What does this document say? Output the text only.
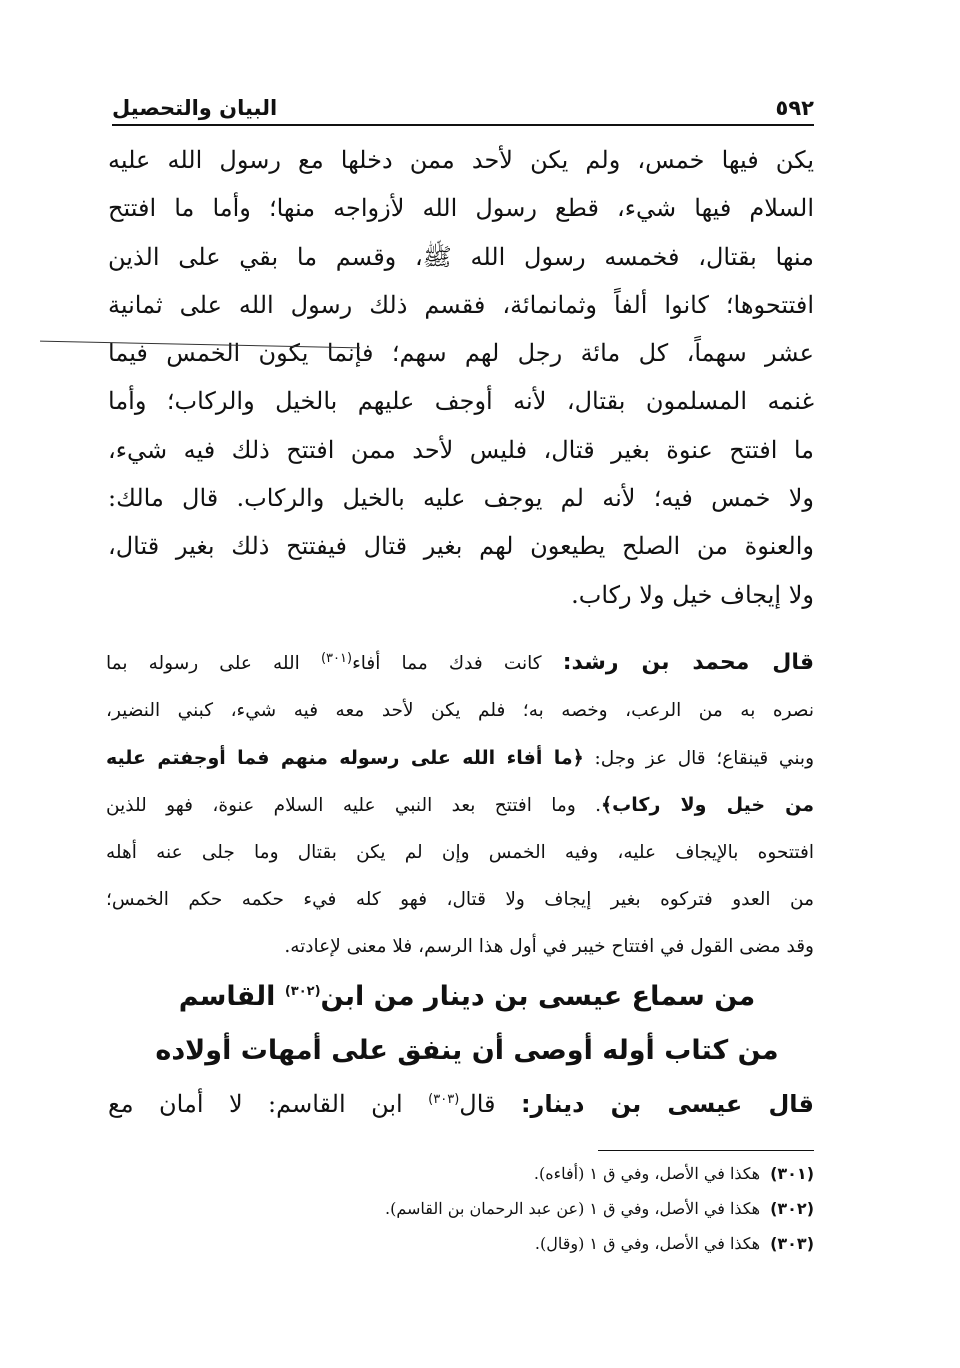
٥٩٢
البيان والتحصيل
يكن فيها خمس، ولم يكن لأحد ممن دخلها مع رسول الله عليه
السلام فيها شيء، قطع رسول الله لأزواجه منها؛ وأما ما افتتح
منها بقتال، فخمسه رسول الله ﷺ، وقسم ما بقي على الذين
افتتحوها؛ كانوا ألفاً وثمانمائة، فقسم ذلك رسول الله على ثمانية
عشر سهماً، كل مائة رجل لهم سهم؛ فإنما يكون الخمس فيما
غنمه المسلمون بقتال، لأنه أوجف عليهم بالخيل والركاب؛ وأما
ما افتتح عنوة بغير قتال، فليس لأحد ممن افتتح ذلك فيه شيء،
ولا خمس فيه؛ لأنه لم يوجف عليه بالخيل والركاب. قال مالك:
والعنوة من الصلح يطيعون لهم بغير قتال فيفتتح ذلك بغير قتال،
ولا إيجاف خيل ولا ركاب.
قال محمد بن رشد: كانت فدك مما أفاء$^{(٣٠١)}$ الله على رسوله بما
نصره به من الرعب، وخصه به؛ فلم يكن لأحد معه فيه شيء، كبني النضير،
وبني قينقاع؛ قال عز وجل: ﴿ما أفاء الله على رسوله منهم فما أوجفتم عليه
من خيل ولا ركاب﴾. وما افتتح بعد النبي عليه السلام عنوة، فهو للذين
افتتحوه بالإيجاف عليه، وفيه الخمس وإن لم يكن بقتال وما جلى عنه أهله
من العدو فتركوه بغير إيجاف ولا قتال، فهو كله فيء حكمه حكم الخمس؛
وقد مضى القول في افتتاح خيبر في أول هذا الرسم، فلا معنى لإعادته.
من سماع عيسى بن دينار من ابن$^{(٣٠٢)}$ القاسم
من كتاب أوله أوصى أن ينفق على أمهات أولاده
قال عيسى بن دينار: قال$^{(٣٠٣)}$ ابن القاسم: لا أمان مع
(٣٠١)هكذا في الأصل، وفي ق ١ (أفاءه).
(٣٠٢)هكذا في الأصل، وفي ق ١ (عن عبد الرحمان بن القاسم).
(٣٠٣)هكذا في الأصل، وفي ق ١ (وقال).
